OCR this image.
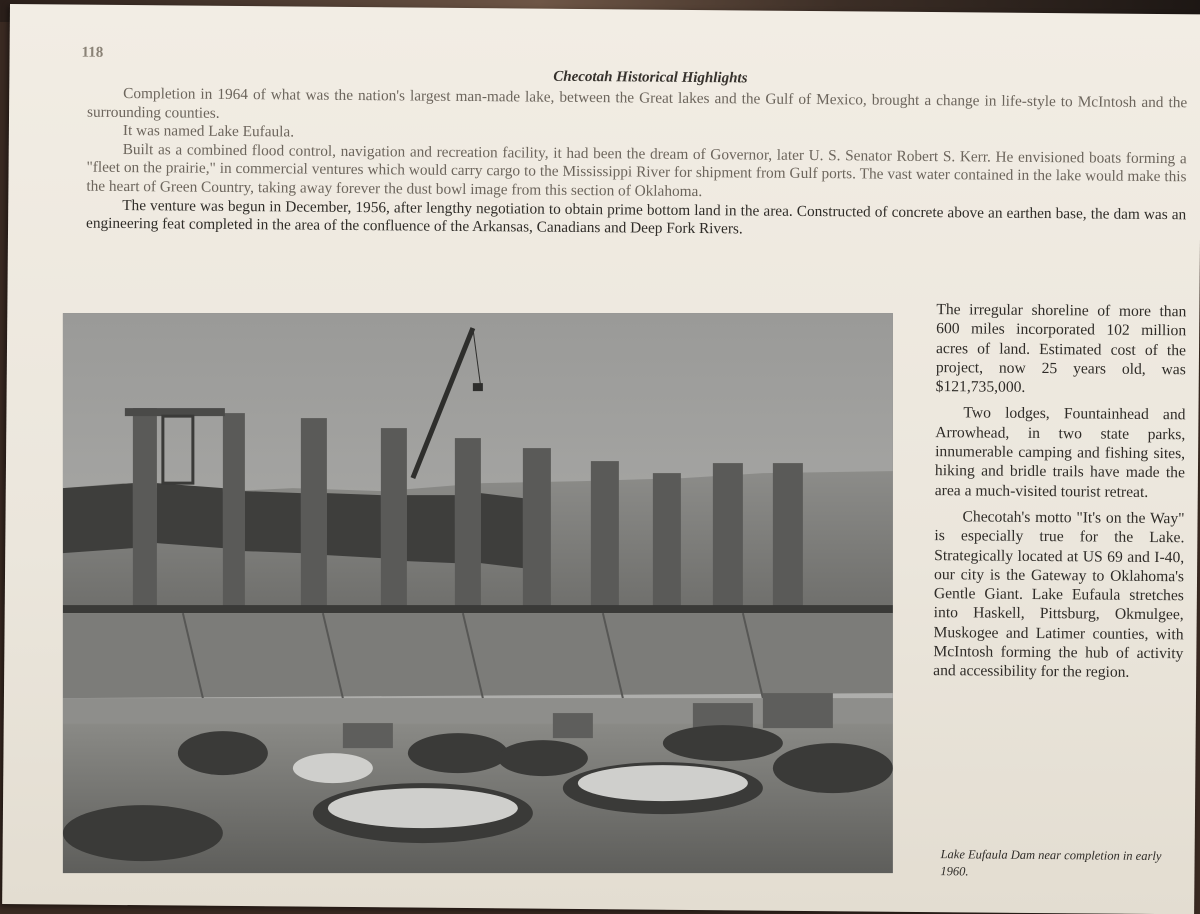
118
Checotah Historical Highlights

Completion in 1964 of what was the nation's largest man-made lake, between the Great lakes and the Gulf of Mexico, brought a change in life-style to McIntosh and the surrounding counties.

It was named Lake Eufaula.

Built as a combined flood control, navigation and recreation facility, it had been the dream of Governor, later U. S. Senator Robert S. Kerr. He envisioned boats forming a "fleet on the prairie," in commercial ventures which would carry cargo to the Mississippi River for shipment from Gulf ports. The vast water contained in the lake would make this the heart of Green Country, taking away forever the dust bowl image from this section of Oklahoma.

The venture was begun in December, 1956, after lengthy negotiation to obtain prime bottom land in the area. Constructed of concrete above an earthen base, the dam was an engineering feat completed in the area of the confluence of the Arkansas, Canadians and Deep Fork Rivers.

The irregular shoreline of more than 600 miles incorporated 102 million acres of land. Estimated cost of the project, now 25 years old, was $121,735,000.

Two lodges, Fountainhead and Arrowhead, in two state parks, innumerable camping and fishing sites, hiking and bridle trails have made the area a much-visited tourist retreat.

Checotah's motto "It's on the Way" is especially true for the Lake. Strategically located at US 69 and I-40, our city is the Gateway to Oklahoma's Gentle Giant. Lake Eufaula stretches into Haskell, Pittsburg, Okmulgee, Muskogee and Latimer counties, with McIntosh forming the hub of activity and accessibility for the region.

Lake Eufaula Dam near completion in early 1960.
